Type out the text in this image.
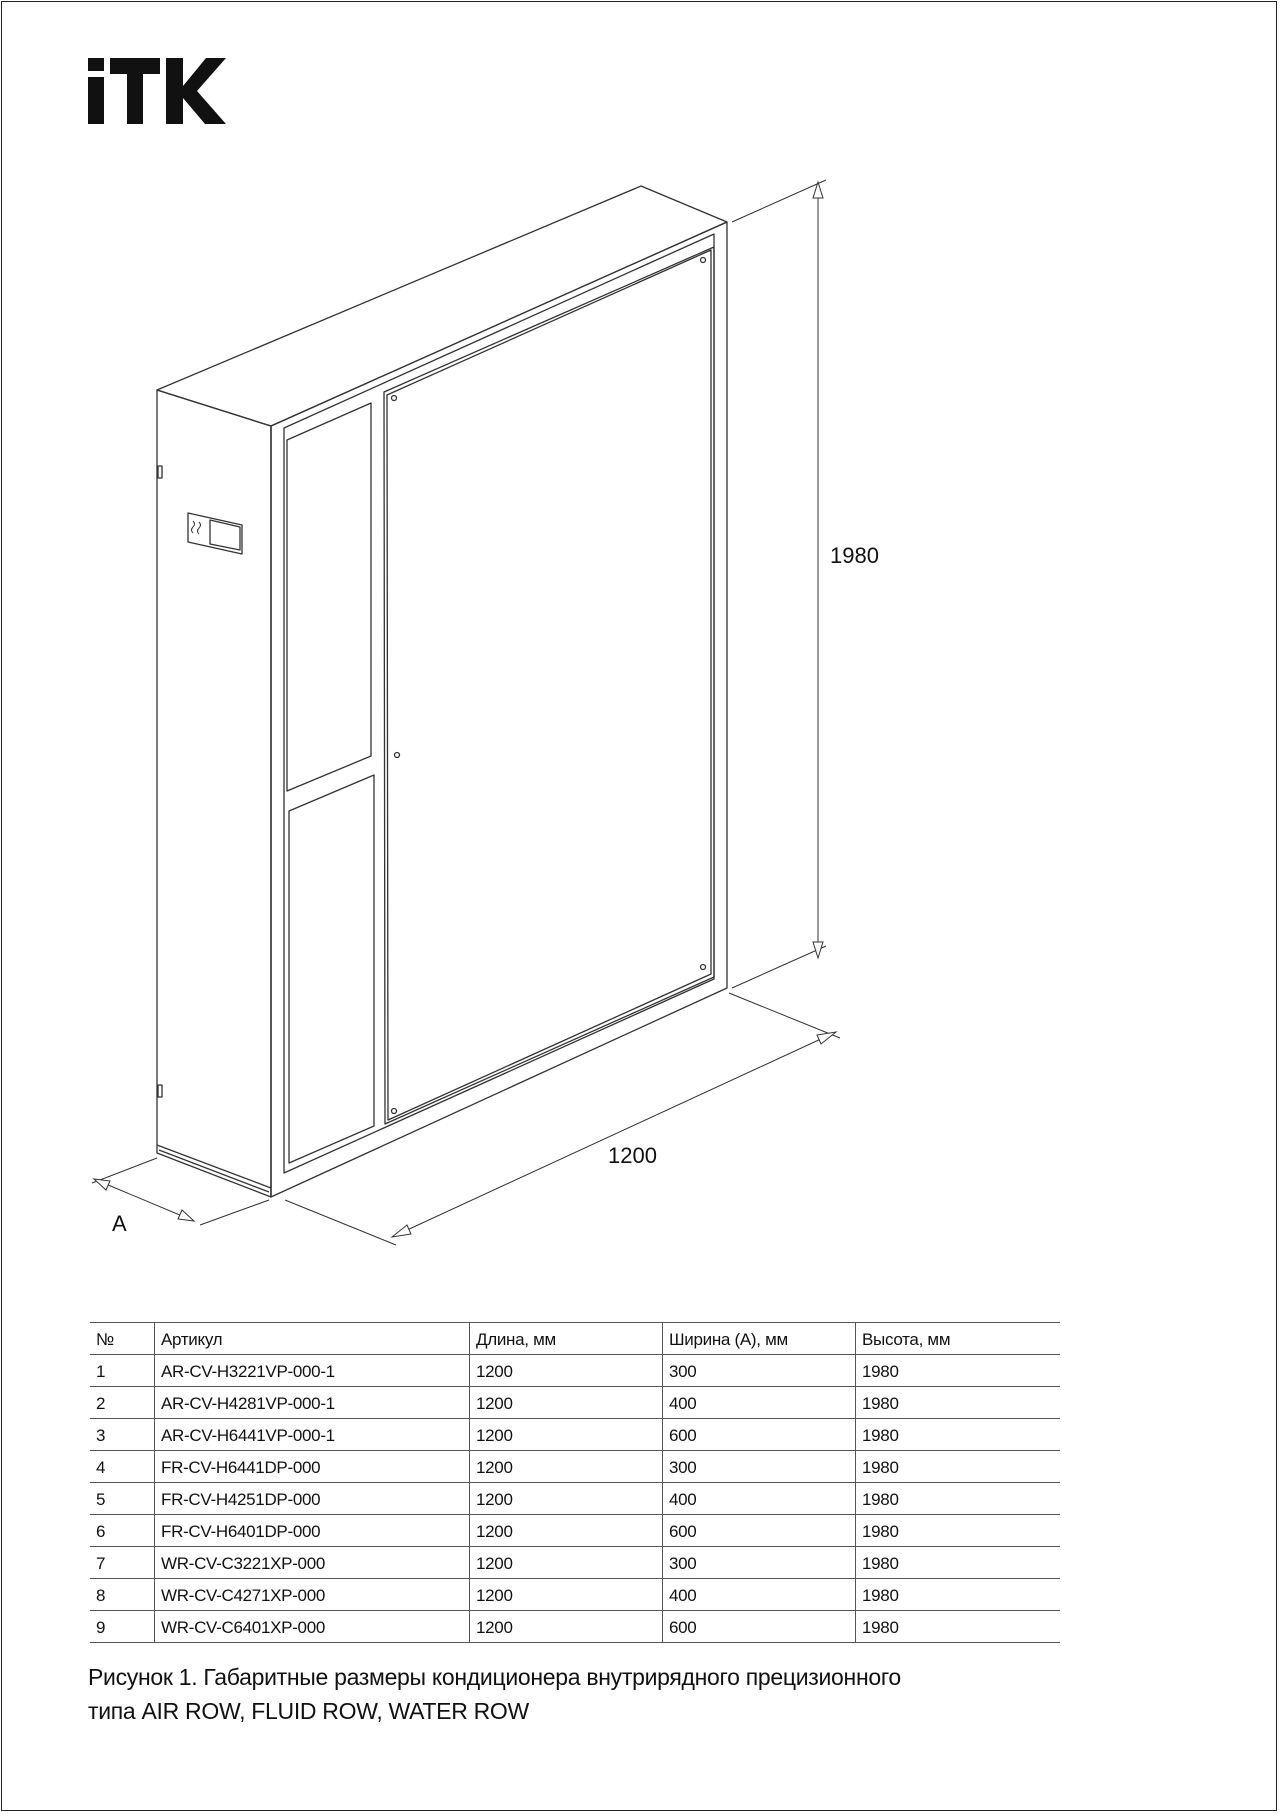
1980
1200
A
№	Артикул	Длина, мм	Ширина (А), мм	Высота, мм
1	AR-CV-H3221VP-000-1	1200	300	1980
2	AR-CV-H4281VP-000-1	1200	400	1980
3	AR-CV-H6441VP-000-1	1200	600	1980
4	FR-CV-H6441DP-000	1200	300	1980
5	FR-CV-H4251DP-000	1200	400	1980
6	FR-CV-H6401DP-000	1200	600	1980
7	WR-CV-C3221XP-000	1200	300	1980
8	WR-CV-C4271XP-000	1200	400	1980
9	WR-CV-C6401XP-000	1200	600	1980
Рисунок 1. Габаритные размеры кондиционера внутрирядного прецизионного
типа AIR ROW, FLUID ROW, WATER ROW
